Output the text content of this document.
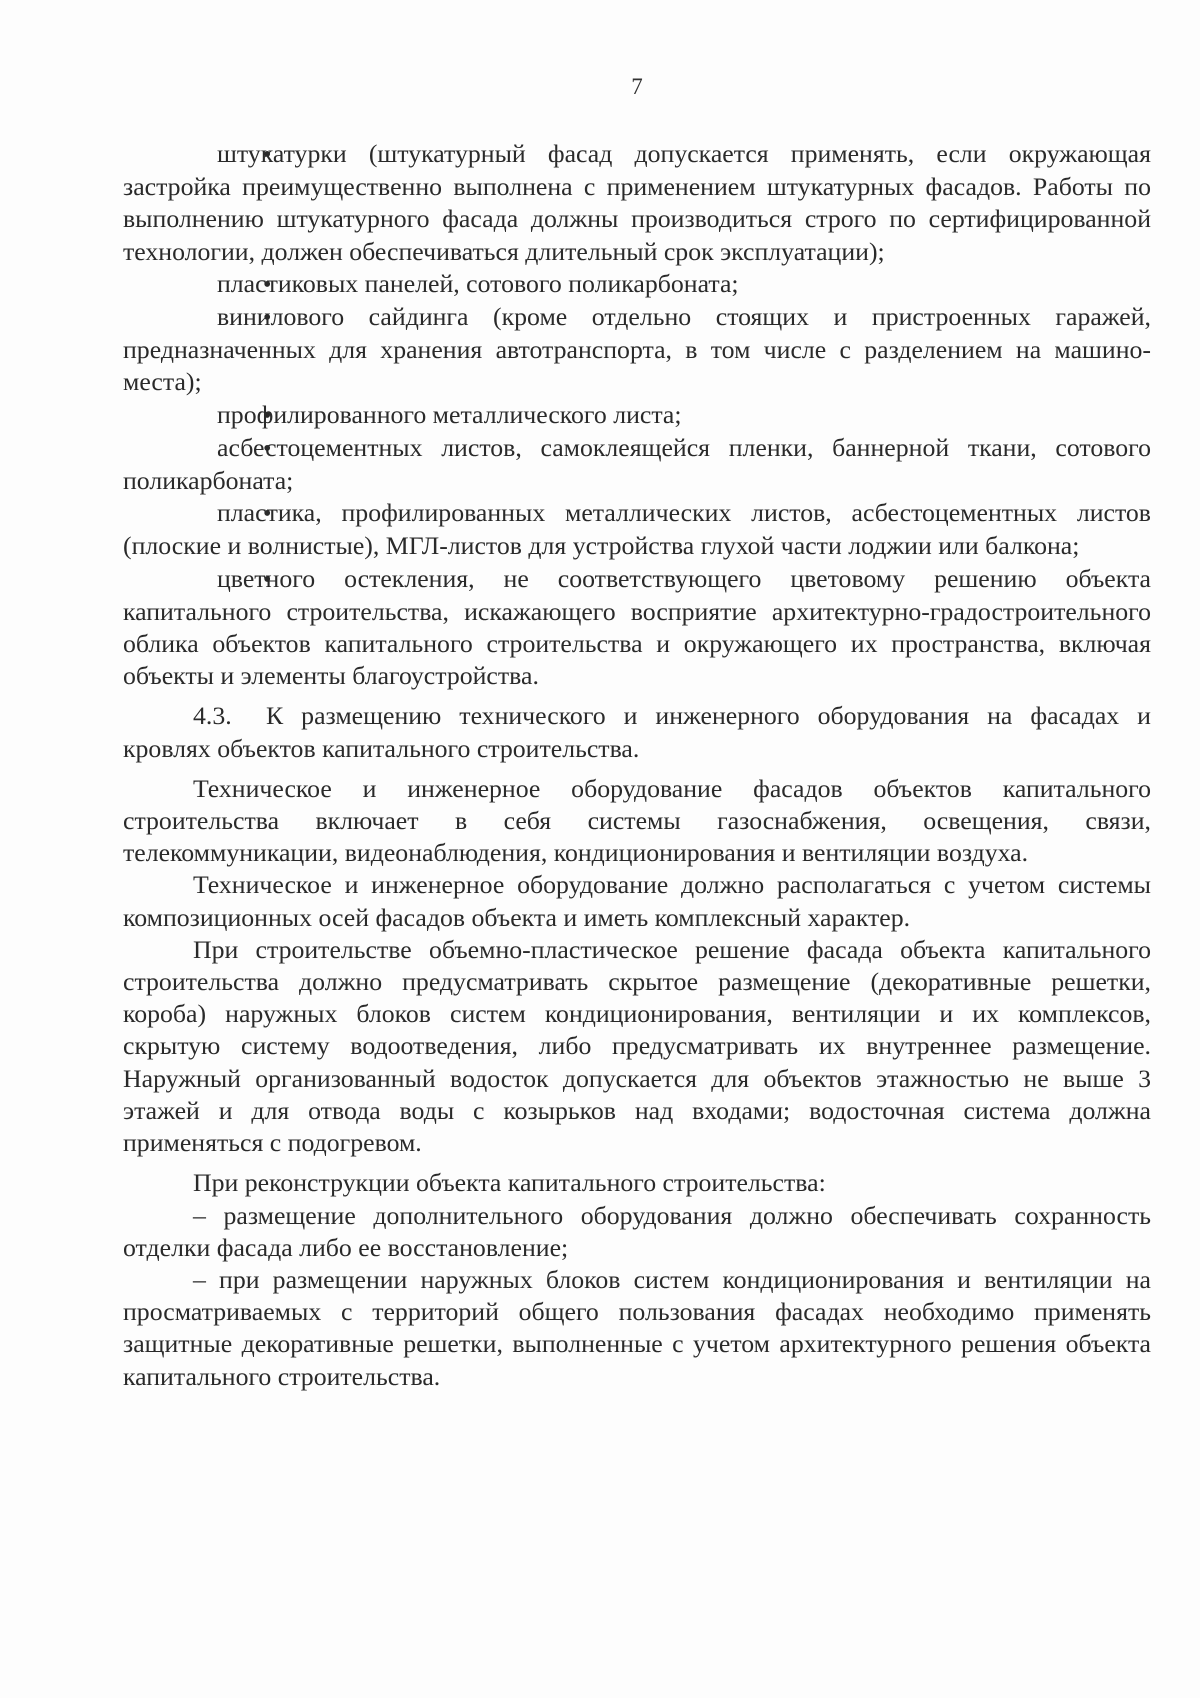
7

• штукатурки (штукатурный фасад допускается применять, если окружающая застройка преимущественно выполнена с применением штукатурных фасадов. Работы по выполнению штукатурного фасада должны производиться строго по сертифицированной технологии, должен обеспечиваться длительный срок эксплуатации);

• пластиковых панелей, сотового поликарбоната;

• винилового сайдинга (кроме отдельно стоящих и пристроенных гаражей, предназначенных для хранения автотранспорта, в том числе с разделением на машино-места);

• профилированного металлического листа;

• асбестоцементных листов, самоклеящейся пленки, баннерной ткани, сотового поликарбоната;

• пластика, профилированных металлических листов, асбестоцементных листов (плоские и волнистые), МГЛ-листов для устройства глухой части лоджии или балкона;

• цветного остекления, не соответствующего цветовому решению объекта капитального строительства, искажающего восприятие архитектурно-градостроительного облика объектов капитального строительства и окружающего их пространства, включая объекты и элементы благоустройства.

4.3. К размещению технического и инженерного оборудования на фасадах и кровлях объектов капитального строительства.

Техническое и инженерное оборудование фасадов объектов капитального строительства включает в себя системы газоснабжения, освещения, связи, телекоммуникации, видеонаблюдения, кондиционирования и вентиляции воздуха.

Техническое и инженерное оборудование должно располагаться с учетом системы композиционных осей фасадов объекта и иметь комплексный характер.

При строительстве объемно-пластическое решение фасада объекта капитального строительства должно предусматривать скрытое размещение (декоративные решетки, короба) наружных блоков систем кондиционирования, вентиляции и их комплексов, скрытую систему водоотведения, либо предусматривать их внутреннее размещение. Наружный организованный водосток допускается для объектов этажностью не выше 3 этажей и для отвода воды с козырьков над входами; водосточная система должна применяться с подогревом.

При реконструкции объекта капитального строительства:

– размещение дополнительного оборудования должно обеспечивать сохранность отделки фасада либо ее восстановление;

– при размещении наружных блоков систем кондиционирования и вентиляции на просматриваемых с территорий общего пользования фасадах необходимо применять защитные декоративные решетки, выполненные с учетом архитектурного решения объекта капитального строительства.
